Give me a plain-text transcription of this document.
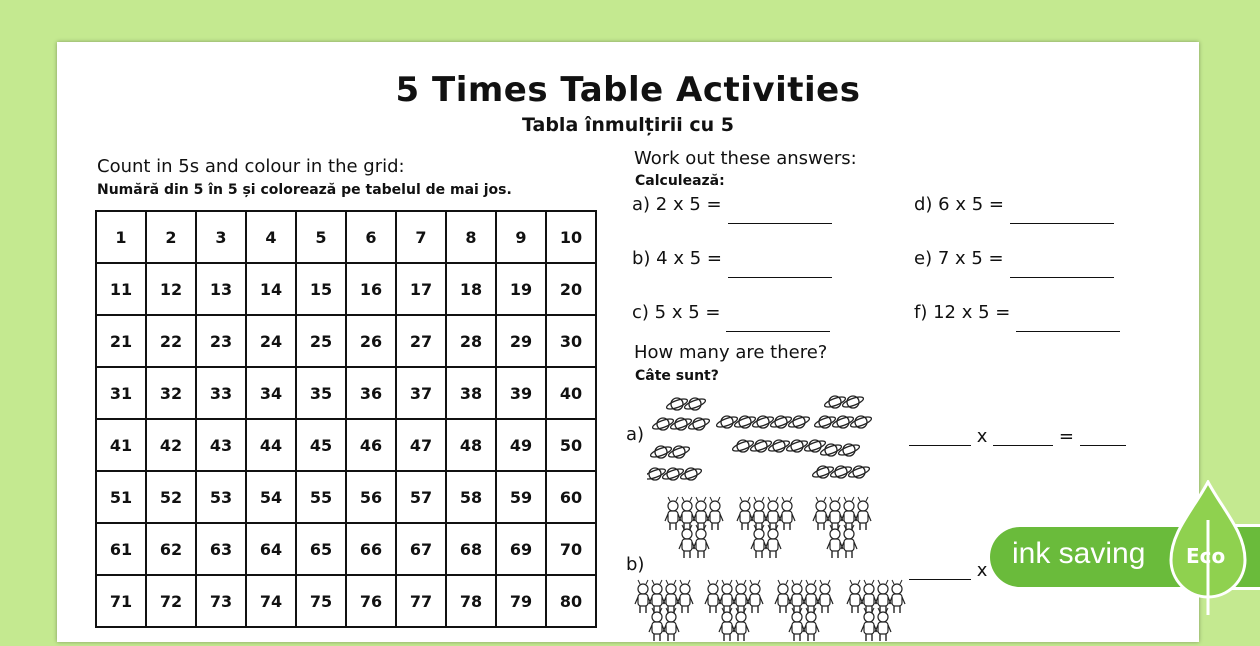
5 Times Table Activities
Tabla înmulțirii cu 5
Count in 5s and colour in the grid:
Numără din 5 în 5 și colorează pe tabelul de mai jos.
1	2	3	4	5	6	7	8	9	10
11	12	13	14	15	16	17	18	19	20
21	22	23	24	25	26	27	28	29	30
31	32	33	34	35	36	37	38	39	40
41	42	43	44	45	46	47	48	49	50
51	52	53	54	55	56	57	58	59	60
61	62	63	64	65	66	67	68	69	70
71	72	73	74	75	76	77	78	79	80
Work out these answers:
Calculează:
a) 2 x 5 =	d) 6 x 5 =
b) 4 x 5 =	e) 7 x 5 =
c) 5 x 5 =	f) 12 x 5 =
How many are there?
Câte sunt?
a)
b)
x	=
x
ink saving Eco
